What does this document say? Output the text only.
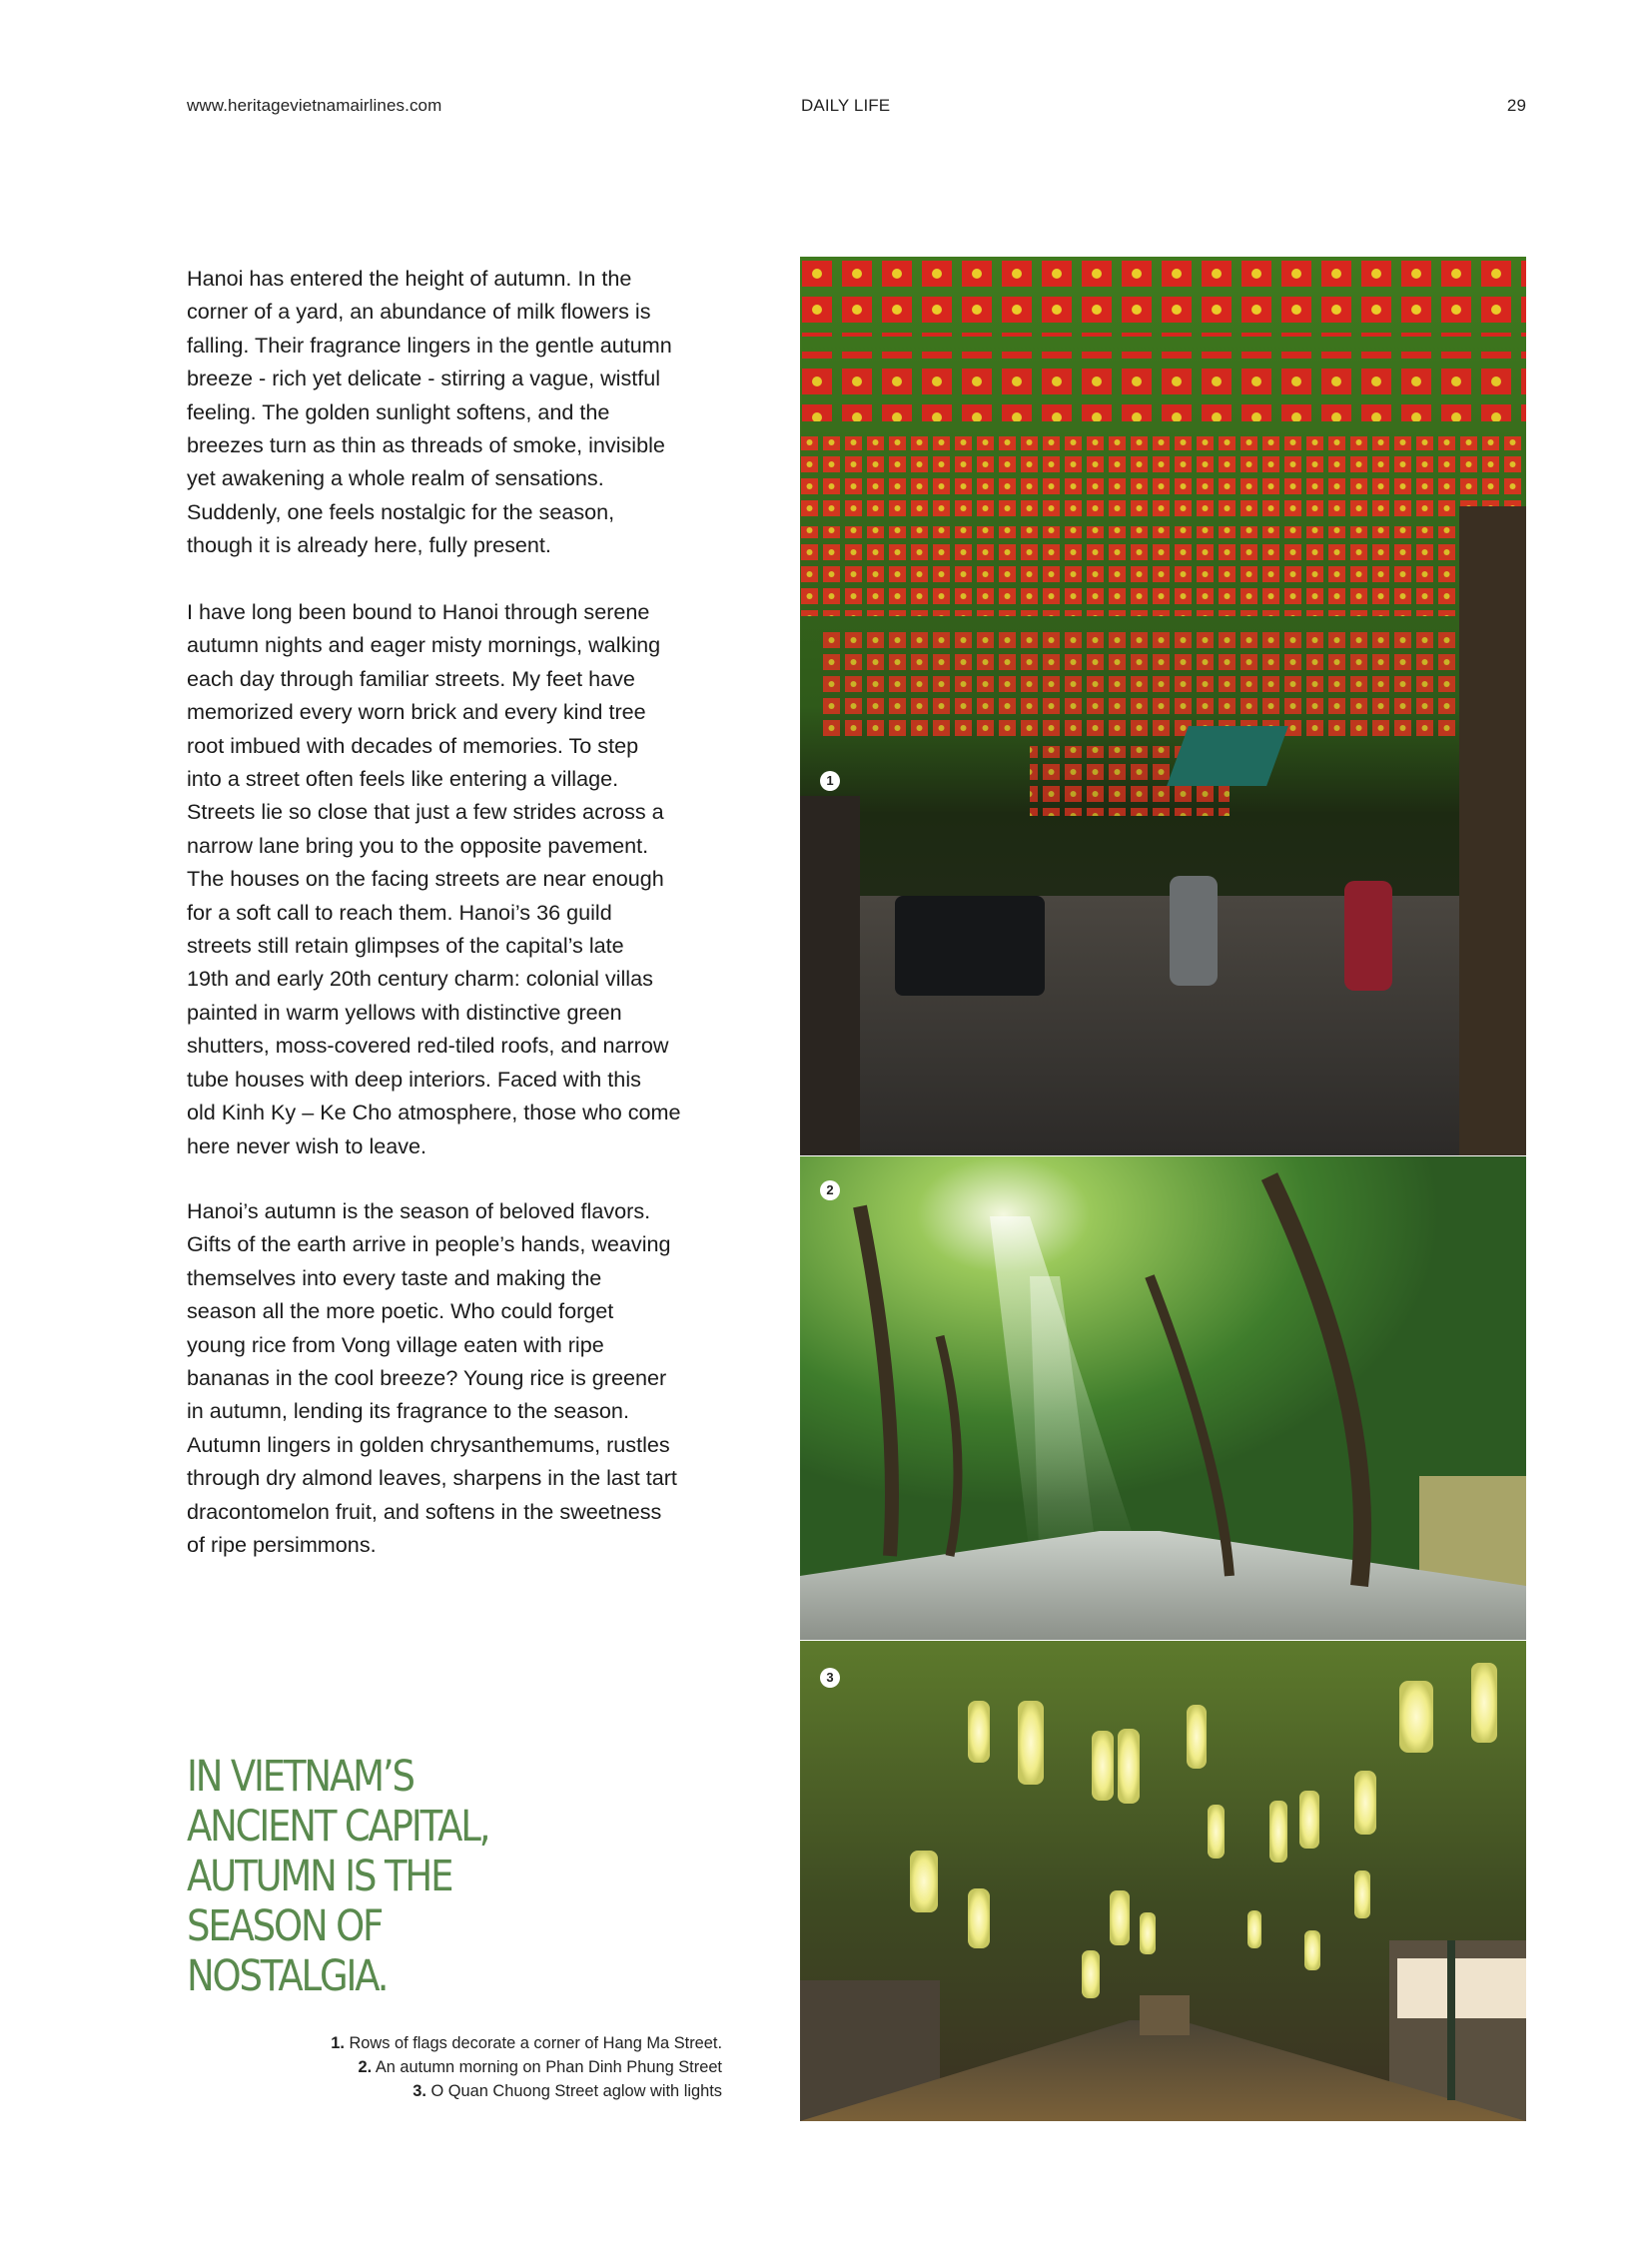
www.heritagevietnamairlines.com	DAILY LIFE	29

Hanoi has entered the height of autumn. In the
corner of a yard, an abundance of milk flowers is
falling. Their fragrance lingers in the gentle autumn
breeze - rich yet delicate - stirring a vague, wistful
feeling. The golden sunlight softens, and the
breezes turn as thin as threads of smoke, invisible
yet awakening a whole realm of sensations.
Suddenly, one feels nostalgic for the season,
though it is already here, fully present.

I have long been bound to Hanoi through serene
autumn nights and eager misty mornings, walking
each day through familiar streets. My feet have
memorized every worn brick and every kind tree
root imbued with decades of memories. To step
into a street often feels like entering a village.
Streets lie so close that just a few strides across a
narrow lane bring you to the opposite pavement.
The houses on the facing streets are near enough
for a soft call to reach them. Hanoi’s 36 guild
streets still retain glimpses of the capital’s late
19th and early 20th century charm: colonial villas
painted in warm yellows with distinctive green
shutters, moss-covered red-tiled roofs, and narrow
tube houses with deep interiors. Faced with this
old Kinh Ky – Ke Cho atmosphere, those who come
here never wish to leave.

Hanoi’s autumn is the season of beloved flavors.
Gifts of the earth arrive in people’s hands, weaving
themselves into every taste and making the
season all the more poetic. Who could forget
young rice from Vong village eaten with ripe
bananas in the cool breeze? Young rice is greener
in autumn, lending its fragrance to the season.
Autumn lingers in golden chrysanthemums, rustles
through dry almond leaves, sharpens in the last tart
dracontomelon fruit, and softens in the sweetness
of ripe persimmons.

IN VIETNAM’S
ANCIENT CAPITAL,
AUTUMN IS THE
SEASON OF
NOSTALGIA.
1. Rows of flags decorate a corner of Hang Ma Street.
2. An autumn morning on Phan Dinh Phung Street
3. O Quan Chuong Street aglow with lights
1
2
3
